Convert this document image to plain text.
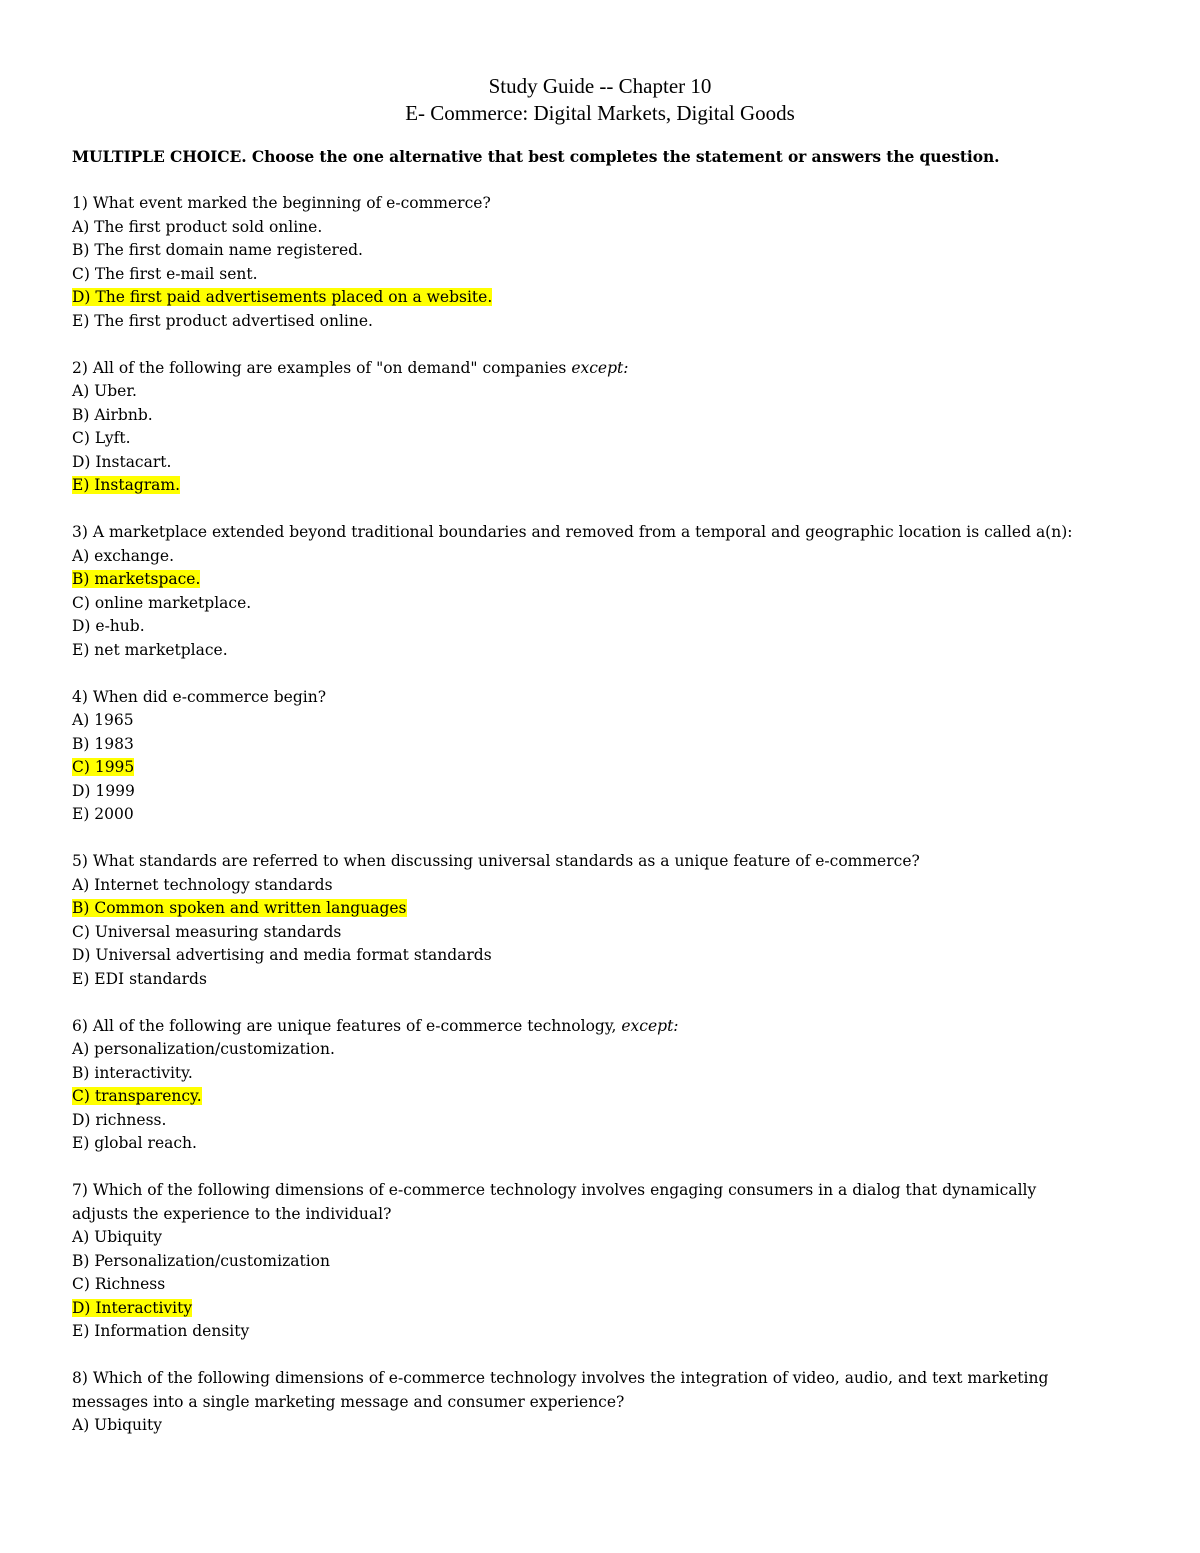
Study Guide -- Chapter 10

E- Commerce: Digital Markets, Digital Goods

MULTIPLE CHOICE. Choose the one alternative that best completes the statement or answers the question.

1) What event marked the beginning of e-commerce?

A) The first product sold online.

B) The first domain name registered.

C) The first e-mail sent.

D) The first paid advertisements placed on a website.

E) The first product advertised online.

2) All of the following are examples of "on demand" companies except:

A) Uber.

B) Airbnb.

C) Lyft.

D) Instacart.

E) Instagram.

3) A marketplace extended beyond traditional boundaries and removed from a temporal and geographic location is called a(n):

A) exchange.

B) marketspace.

C) online marketplace.

D) e-hub.

E) net marketplace.

4) When did e-commerce begin?

A) 1965

B) 1983

C) 1995

D) 1999

E) 2000

5) What standards are referred to when discussing universal standards as a unique feature of e-commerce?

A) Internet technology standards

B) Common spoken and written languages

C) Universal measuring standards

D) Universal advertising and media format standards

E) EDI standards

6) All of the following are unique features of e-commerce technology, except:

A) personalization/customization.

B) interactivity.

C) transparency.

D) richness.

E) global reach.

7) Which of the following dimensions of e-commerce technology involves engaging consumers in a dialog that dynamically adjusts the experience to the individual?

A) Ubiquity

B) Personalization/customization

C) Richness

D) Interactivity

E) Information density

8) Which of the following dimensions of e-commerce technology involves the integration of video, audio, and text marketing messages into a single marketing message and consumer experience?

A) Ubiquity
